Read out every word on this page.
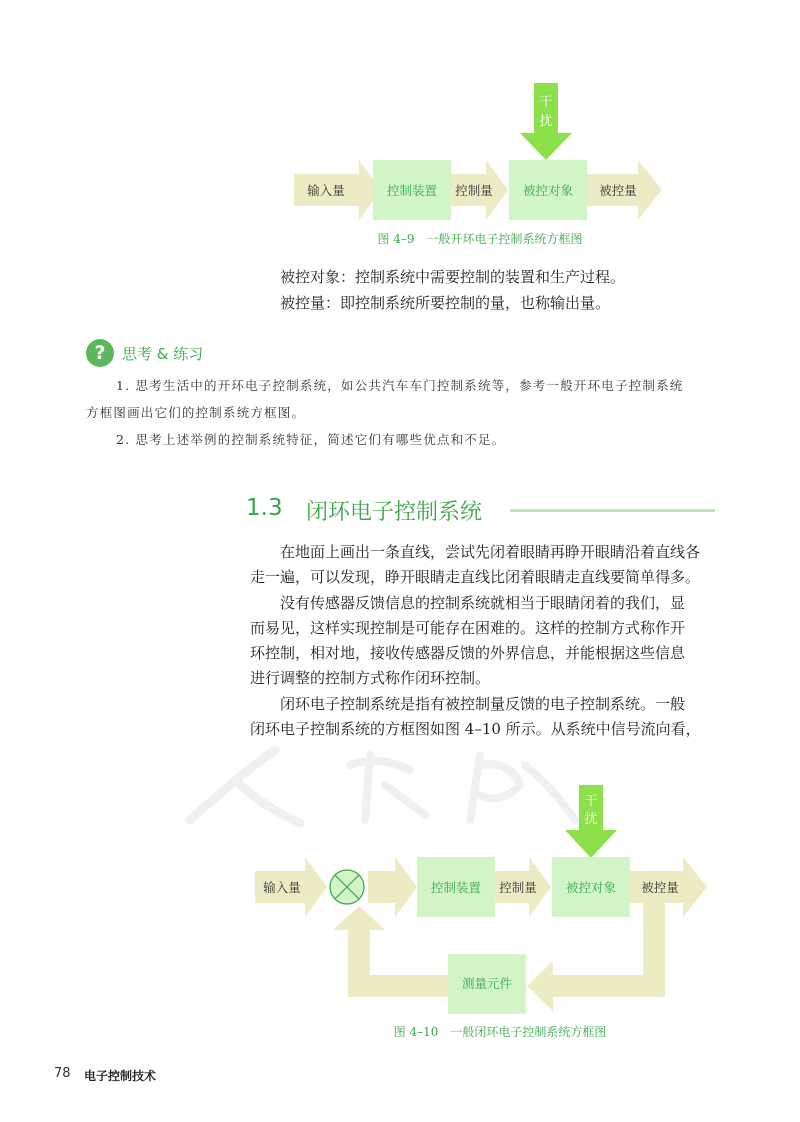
干
扰
输入量	控制装置 控制量 被控对象 被控量
图 4–9　一般开环电子控制系统方框图
被控对象：控制系统中需要控制的装置和生产过程。
被控量：即控制系统所要控制的量，也称输出量。
?	思考 & 练习
1. 思考生活中的开环电子控制系统，如公共汽车车门控制系统等，参考一般开环电子控制系统
方框图画出它们的控制系统方框图。
2. 思考上述举例的控制系统特征，简述它们有哪些优点和不足。
1.3 闭环电子控制系统

在地面上画出一条直线，尝试先闭着眼睛再睁开眼睛沿着直线各

走一遍，可以发现，睁开眼睛走直线比闭着眼睛走直线要简单得多。

没有传感器反馈信息的控制系统就相当于眼睛闭着的我们，显

而易见，这样实现控制是可能存在困难的。这样的控制方式称作开

环控制，相对地，接收传感器反馈的外界信息，并能根据这些信息

进行调整的控制方式称作闭环控制。

闭环电子控制系统是指有被控制量反馈的电子控制系统。一般

闭环电子控制系统的方框图如图 4–10 所示。从系统中信号流向看，

干
扰
输入量	控制装置 控制量 被控对象 被控量
测量元件
图 4–10　一般闭环电子控制系统方框图
78 电子控制技术
